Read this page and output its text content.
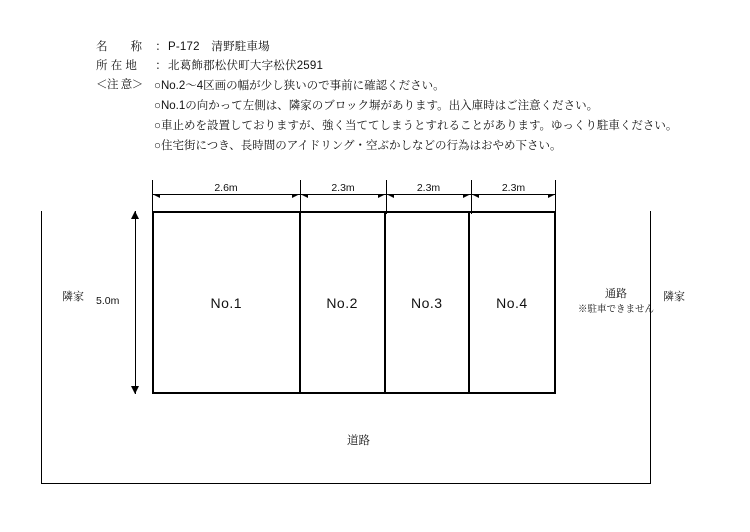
名　　称	： P-172　清野駐車場
所 在 地	： 北葛飾郡松伏町大字松伏2591
＜注 意＞ ○No.2～4区画の幅が少し狭いので事前に確認ください。
○No.1の向かって左側は、隣家のブロック塀があります。出入庫時はご注意ください。
○車止めを設置しておりますが、強く当ててしまうとすれることがあります。ゆっくり駐車ください。
○住宅街につき、長時間のアイドリング・空ぶかしなどの行為はおやめ下さい。
2.6m	2.3m	2.3m	2.3m
5.0m
隣家	隣家
通路
※駐車できません
道路
No.1	No.2	No.3	No.4
